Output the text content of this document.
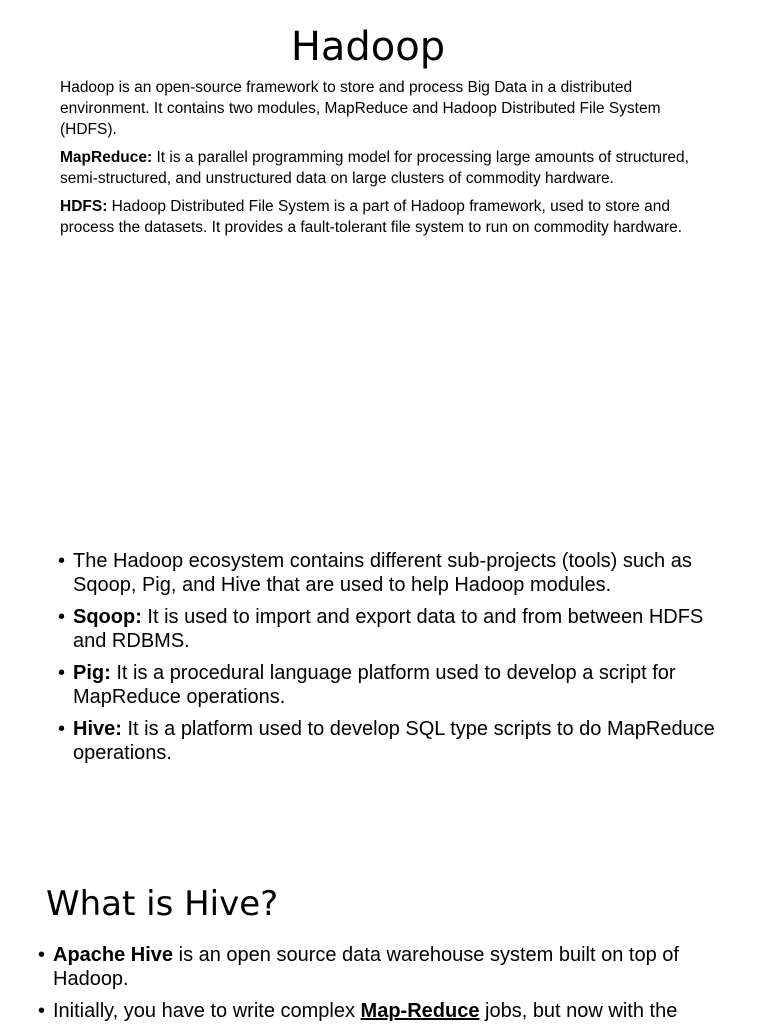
Hadoop

Hadoop is an open-source framework to store and process Big Data in a distributed environment. It contains two modules, MapReduce and Hadoop Distributed File System (HDFS).

MapReduce: It is a parallel programming model for processing large amounts of structured, semi-structured, and unstructured data on large clusters of commodity hardware.

HDFS: Hadoop Distributed File System is a part of Hadoop framework, used to store and process the datasets. It provides a fault-tolerant file system to run on commodity hardware.

• The Hadoop ecosystem contains different sub-projects (tools) such as Sqoop, Pig, and Hive that are used to help Hadoop modules.
• Sqoop: It is used to import and export data to and from between HDFS and RDBMS.
• Pig: It is a procedural language platform used to develop a script for MapReduce operations.
• Hive: It is a platform used to develop SQL type scripts to do MapReduce operations.
What is Hive?
• Apache Hive is an open source data warehouse system built on top of Hadoop.
• Initially, you have to write complex Map-Reduce jobs, but now with the
